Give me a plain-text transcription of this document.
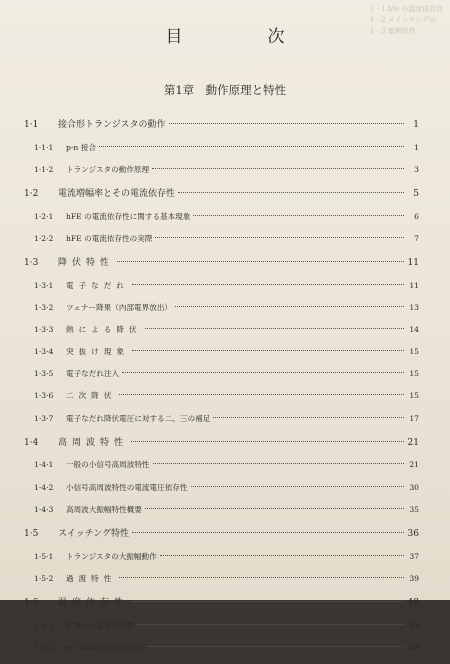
1 · 1 hfe の温度依存性
1 · 2 スイッチングの
1 · 3 遮断特性
目　次
第1章　動作原理と特性
1·1	接合形トランジスタの動作	1
1·1·1	p-n 接合	1
1·1·2	トランジスタの動作原理	3
1·2	電流増幅率とその電流依存性	5
1·2·1	hFE の電流依存性に関する基本現象	6
1·2·2	hFE の電流依存性の実際	7
1·3	降伏特性	11
1·3·1	電子なだれ	11
1·3·2	ツェナー降果（内部電界放出）	13
1·3·3	熱による降伏	14
1·3·4	突抜け現象	15
1·3·5	電子なだれ注入	15
1·3·6	二次降伏	15
1·3·7	電子なだれ降伏電圧に対する二、三の補足	17
1·4	高周波特性	21
1·4·1	一般の小信号高周波特性	21
1·4·2	小信号高周波特性の電流電圧依存性	30
1·4·3	高周波大振幅特性概要	35
1·5	スイッチング特性	36
1·5·1	トランジスタの大振幅動作	37
1·5·2	過渡特性	39
1·6	温度依存性	48
1·6·1	ICBO の温度依存性	49
1·6·2	re, VBE の温度依存性	49
